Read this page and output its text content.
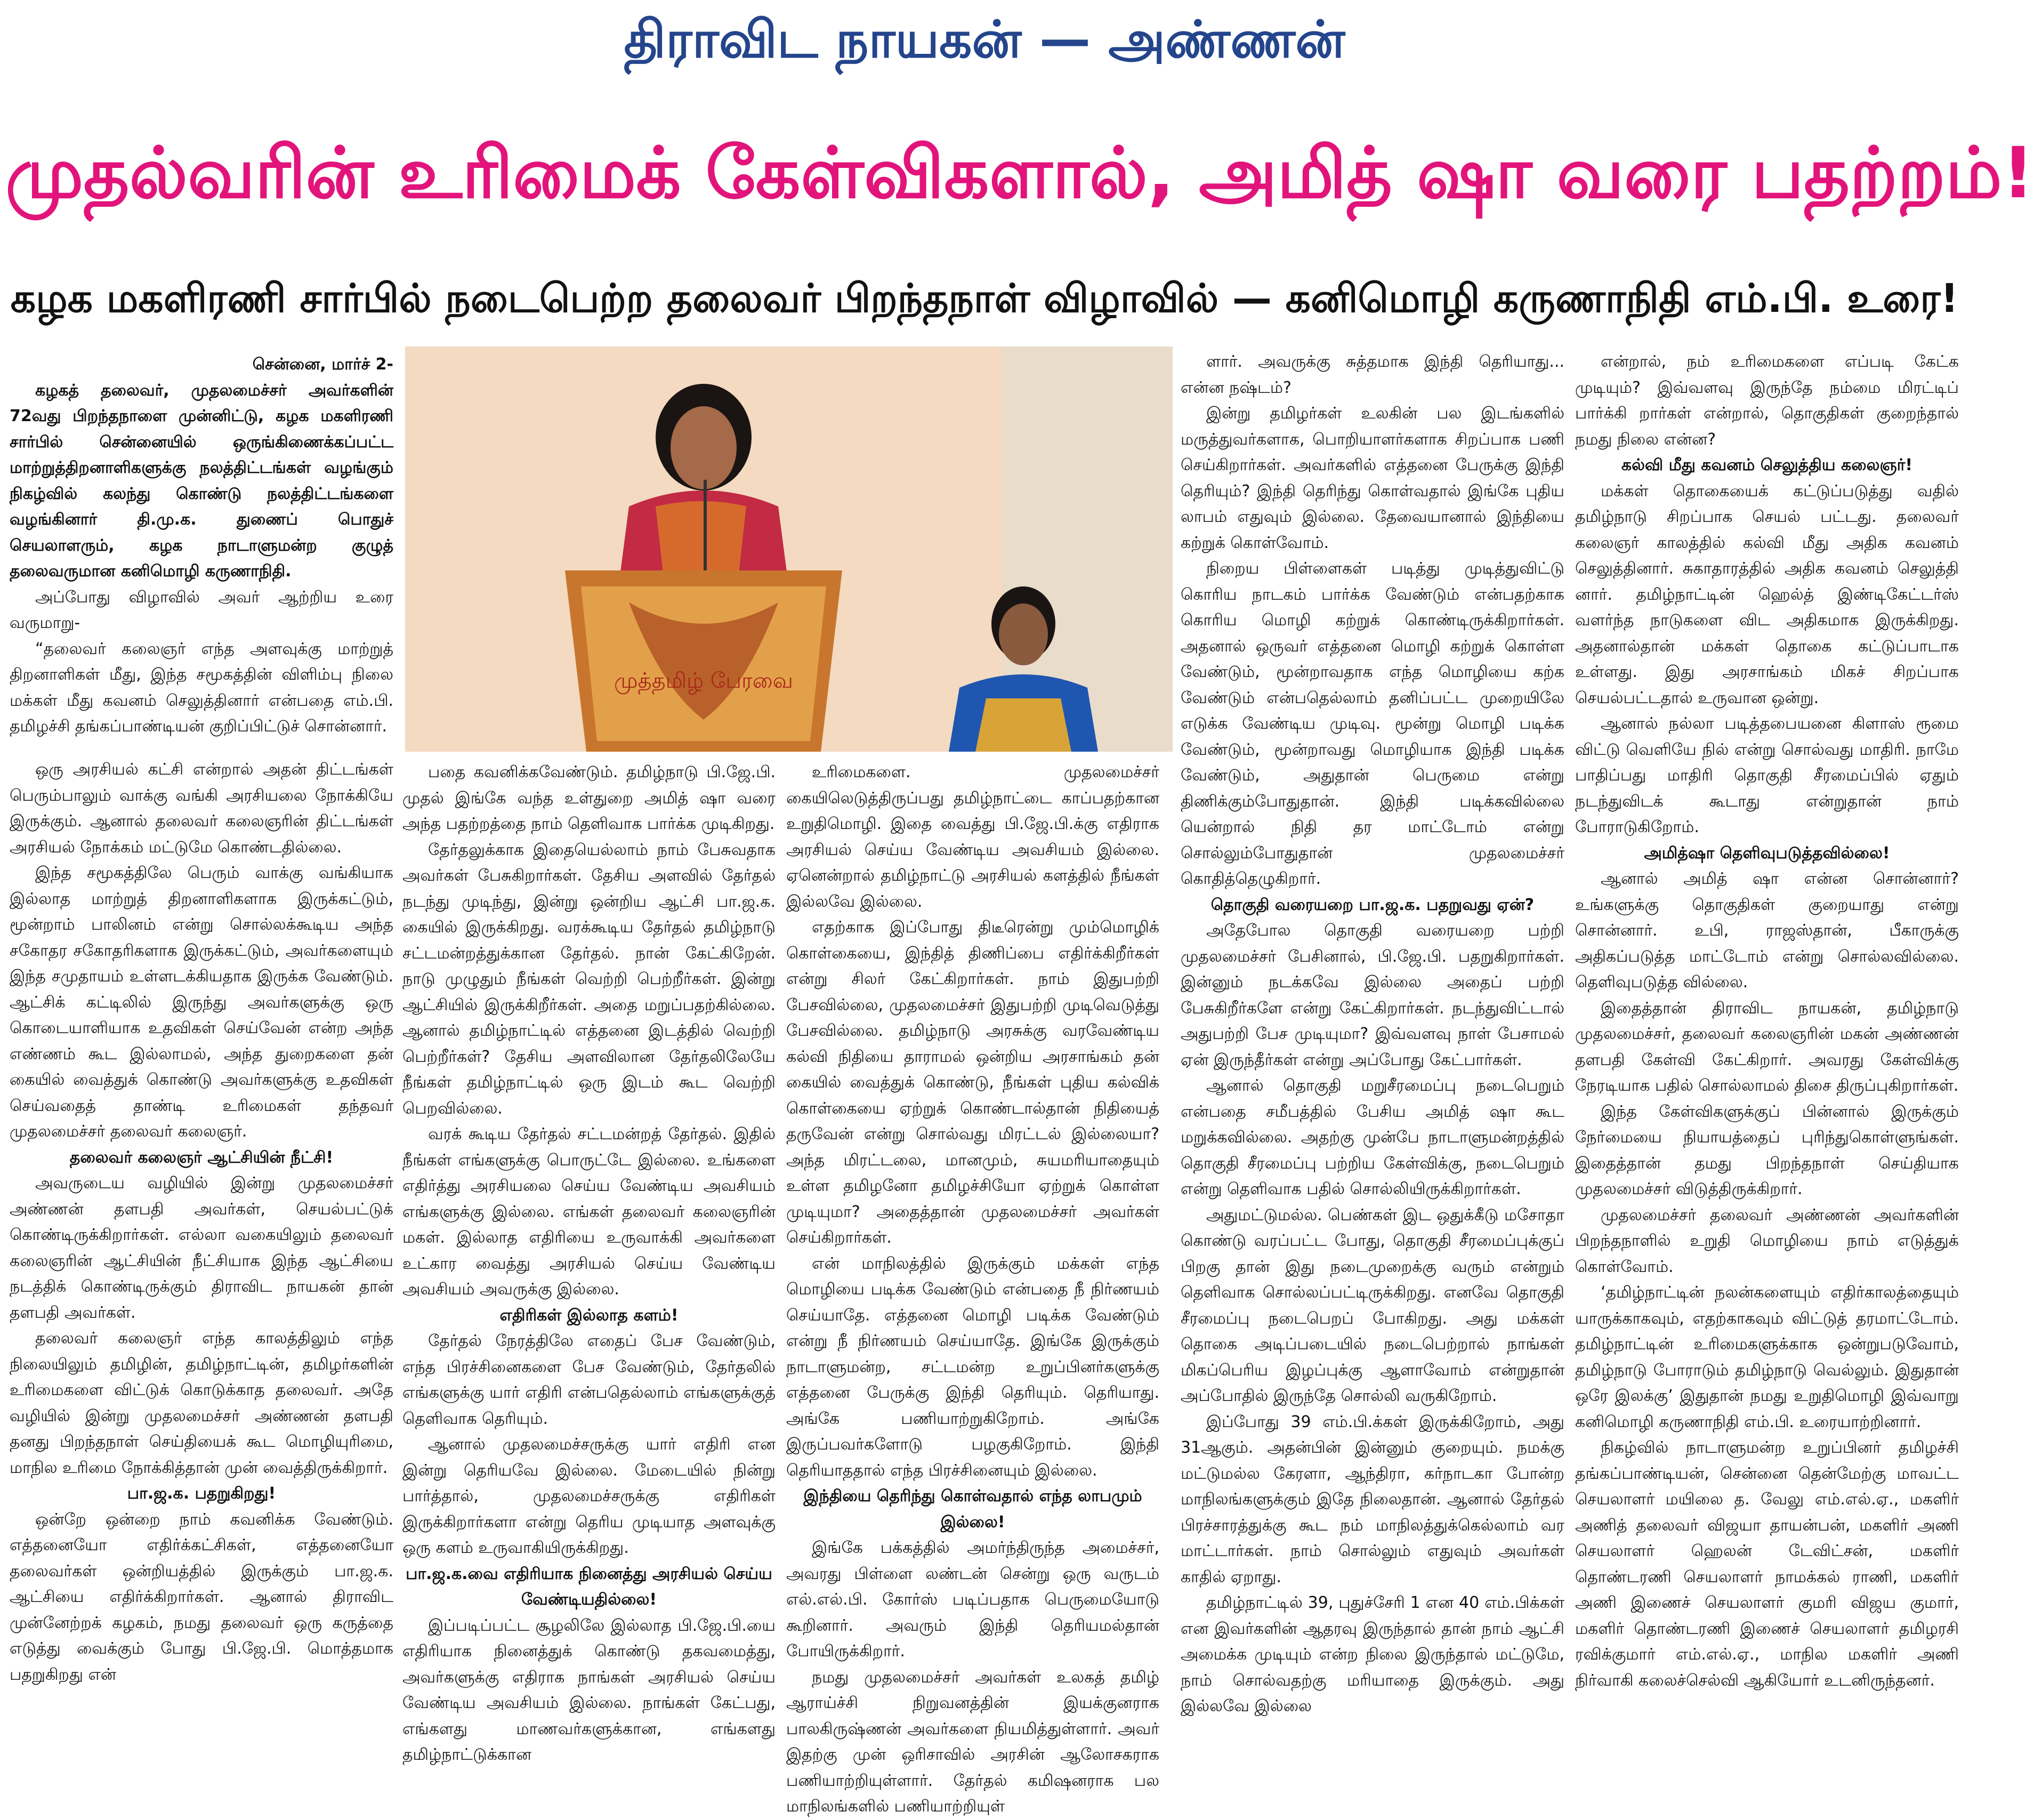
திராவிட நாயகன் — அண்ணன்
முதல்வரின் உரிமைக் கேள்விகளால், அமித் ஷா வரை பதற்றம்!
கழக மகளிரணி சார்பில் நடைபெற்ற தலைவர் பிறந்தநாள் விழாவில் — கனிமொழி கருணாநிதி எம்.பி. உரை!

சென்னை, மார்ச் 2-

கழகத் தலைவர், முதலமைச்சர் அவர்களின் 72வது பிறந்தநாளை முன்னிட்டு, கழக மகளிரணி சார்பில் சென்னையில் ஒருங்கிணைக்கப்பட்ட மாற்றுத்திறனாளிகளுக்கு நலத்திட்டங்கள் வழங்கும் நிகழ்வில் கலந்து கொண்டு நலத்திட்டங்களை வழங்கினார் தி.மு.க. துணைப் பொதுச் செயலாளரும், கழக நாடாளுமன்ற குழுத் தலைவருமான கனிமொழி கருணாநிதி.

அப்போது விழாவில் அவர் ஆற்றிய உரை வருமாறு-

“தலைவர் கலைஞர் எந்த அளவுக்கு மாற்றுத் திறனாளிகள் மீது, இந்த சமூகத்தின் விளிம்பு நிலை மக்கள் மீது கவனம் செலுத்தினார் என்பதை எம்.பி. தமிழச்சி தங்கப்பாண்டியன் குறிப்பிட்டுச் சொன்னார்.

முத்தமிழ் பேரவை

ஒரு அரசியல் கட்சி என்றால் அதன் திட்டங்கள் பெரும்பாலும் வாக்கு வங்கி அரசியலை நோக்கியே இருக்கும். ஆனால் தலைவர் கலைஞரின் திட்டங்கள் அரசியல் நோக்கம் மட்டுமே கொண்டதில்லை.

இந்த சமூகத்திலே பெரும் வாக்கு வங்கியாக இல்லாத மாற்றுத் திறனாளிகளாக இருக்கட்டும், மூன்றாம் பாலினம் என்று சொல்லக்கூடிய அந்த சகோதர சகோதரிகளாக இருக்கட்டும், அவர்களையும் இந்த சமுதாயம் உள்ளடக்கியதாக இருக்க வேண்டும். ஆட்சிக் கட்டிலில் இருந்து அவர்களுக்கு ஒரு கொடையாளியாக உதவிகள் செய்வேன் என்ற அந்த எண்ணம் கூட இல்லாமல், அந்த துறைகளை தன் கையில் வைத்துக் கொண்டு அவர்களுக்கு உதவிகள் செய்வதைத் தாண்டி உரிமைகள் தந்தவர் முதலமைச்சர் தலைவர் கலைஞர்.

தலைவர் கலைஞர் ஆட்சியின் நீட்சி!

அவருடைய வழியில் இன்று முதலமைச்சர் அண்ணன் தளபதி அவர்கள், செயல்பட்டுக் கொண்டிருக்கிறார்கள். எல்லா வகையிலும் தலைவர் கலைஞரின் ஆட்சியின் நீட்சியாக இந்த ஆட்சியை நடத்திக் கொண்டிருக்கும் திராவிட நாயகன் தான் தளபதி அவர்கள்.

தலைவர் கலைஞர் எந்த காலத்திலும் எந்த நிலையிலும் தமிழின், தமிழ்நாட்டின், தமிழர்களின் உரிமைகளை விட்டுக் கொடுக்காத தலைவர். அதே வழியில் இன்று முதலமைச்சர் அண்ணன் தளபதி தனது பிறந்தநாள் செய்தியைக் கூட மொழியுரிமை, மாநில உரிமை நோக்கித்தான் முன் வைத்திருக்கிறார்.

பா.ஜ.க. பதறுகிறது!

ஒன்றே ஒன்றை நாம் கவனிக்க வேண்டும். எத்தனையோ எதிர்க்கட்சிகள், எத்தனையோ தலைவர்கள் ஒன்றியத்தில் இருக்கும் பா.ஜ.க. ஆட்சியை எதிர்க்கிறார்கள். ஆனால் திராவிட முன்னேற்றக் கழகம், நமது தலைவர் ஒரு கருத்தை எடுத்து வைக்கும் போது பி.ஜே.பி. மொத்தமாக பதறுகிறது என்

பதை கவனிக்கவேண்டும். தமிழ்நாடு பி.ஜே.பி. முதல் இங்கே வந்த உள்துறை அமித் ஷா வரை அந்த பதற்றத்தை நாம் தெளிவாக பார்க்க முடிகிறது.

தேர்தலுக்காக இதையெல்லாம் நாம் பேசுவதாக அவர்கள் பேசுகிறார்கள். தேசிய அளவில் தேர்தல் நடந்து முடிந்து, இன்று ஒன்றிய ஆட்சி பா.ஜ.க. கையில் இருக்கிறது. வரக்கூடிய தேர்தல் தமிழ்நாடு சட்டமன்றத்துக்கான தேர்தல். நான் கேட்கிறேன். நாடு முழுதும் நீங்கள் வெற்றி பெற்றீர்கள். இன்று ஆட்சியில் இருக்கிறீர்கள். அதை மறுப்பதற்கில்லை. ஆனால் தமிழ்நாட்டில் எத்தனை இடத்தில் வெற்றி பெற்றீர்கள்? தேசிய அளவிலான தேர்தலிலேயே நீங்கள் தமிழ்நாட்டில் ஒரு இடம் கூட வெற்றி பெறவில்லை.

வரக் கூடிய தேர்தல் சட்டமன்றத் தேர்தல். இதில் நீங்கள் எங்களுக்கு பொருட்டே இல்லை. உங்களை எதிர்த்து அரசியலை செய்ய வேண்டிய அவசியம் எங்களுக்கு இல்லை. எங்கள் தலைவர் கலைஞரின் மகள். இல்லாத எதிரியை உருவாக்கி அவர்களை உட்கார வைத்து அரசியல் செய்ய வேண்டிய அவசியம் அவருக்கு இல்லை.

எதிரிகள் இல்லாத களம்!

தேர்தல் நேரத்திலே எதைப் பேச வேண்டும், எந்த பிரச்சினைகளை பேச வேண்டும், தேர்தலில் எங்களுக்கு யார் எதிரி என்பதெல்லாம் எங்களுக்குத் தெளிவாக தெரியும்.

ஆனால் முதலமைச்சருக்கு யார் எதிரி என இன்று தெரியவே இல்லை. மேடையில் நின்று பார்த்தால், முதலமைச்சருக்கு எதிரிகள் இருக்கிறார்களா என்று தெரிய முடியாத அளவுக்கு ஒரு களம் உருவாகியிருக்கிறது.

பா.ஜ.க.வை எதிரியாக நினைத்து அரசியல் செய்ய வேண்டியதில்லை!

இப்படிப்பட்ட சூழலிலே இல்லாத பி.ஜே.பி.யை எதிரியாக நினைத்துக் கொண்டு தகவமைத்து, அவர்களுக்கு எதிராக நாங்கள் அரசியல் செய்ய வேண்டிய அவசியம் இல்லை. நாங்கள் கேட்பது, எங்களது மாணவர்களுக்கான, எங்களது தமிழ்நாட்டுக்கான

உரிமைகளை. முதலமைச்சர் கையிலெடுத்திருப்பது தமிழ்நாட்டை காப்பதற்கான உறுதிமொழி. இதை வைத்து பி.ஜே.பி.க்கு எதிராக அரசியல் செய்ய வேண்டிய அவசியம் இல்லை. ஏனென்றால் தமிழ்நாட்டு அரசியல் களத்தில் நீங்கள் இல்லவே இல்லை.

எதற்காக இப்போது திடீரென்று மும்மொழிக் கொள்கையை, இந்தித் திணிப்பை எதிர்க்கிறீர்கள் என்று சிலர் கேட்கிறார்கள். நாம் இதுபற்றி பேசவில்லை, முதலமைச்சர் இதுபற்றி முடிவெடுத்து பேசவில்லை. தமிழ்நாடு அரசுக்கு வரவேண்டிய கல்வி நிதியை தாராமல் ஒன்றிய அரசாங்கம் தன் கையில் வைத்துக் கொண்டு, நீங்கள் புதிய கல்விக் கொள்கையை ஏற்றுக் கொண்டால்தான் நிதியைத் தருவேன் என்று சொல்வது மிரட்டல் இல்லையா? அந்த மிரட்டலை, மானமும், சுயமரியாதையும் உள்ள தமிழனோ தமிழச்சியோ ஏற்றுக் கொள்ள முடியுமா? அதைத்தான் முதலமைச்சர் அவர்கள் செய்கிறார்கள்.

என் மாநிலத்தில் இருக்கும் மக்கள் எந்த மொழியை படிக்க வேண்டும் என்பதை நீ நிர்ணயம் செய்யாதே. எத்தனை மொழி படிக்க வேண்டும் என்று நீ நிர்ணயம் செய்யாதே. இங்கே இருக்கும் நாடாளுமன்ற, சட்டமன்ற உறுப்பினர்களுக்கு எத்தனை பேருக்கு இந்தி தெரியும். தெரியாது. அங்கே பணியாற்றுகிறோம். அங்கே இருப்பவர்களோடு பழகுகிறோம். இந்தி தெரியாததால் எந்த பிரச்சினையும் இல்லை.

இந்தியை தெரிந்து கொள்வதால் எந்த லாபமும் இல்லை!

இங்கே பக்கத்தில் அமர்ந்திருந்த அமைச்சர், அவரது பிள்ளை லண்டன் சென்று ஒரு வருடம் எல்.எல்.பி. கோர்ஸ் படிப்பதாக பெருமையோடு கூறினார். அவரும் இந்தி தெரியமல்தான் போயிருக்கிறார்.

நமது முதலமைச்சர் அவர்கள் உலகத் தமிழ் ஆராய்ச்சி நிறுவனத்தின் இயக்குனராக பாலகிருஷ்ணன் அவர்களை நியமித்துள்ளார். அவர் இதற்கு முன் ஒரிசாவில் அரசின் ஆலோசகராக பணியாற்றியுள்ளார். தேர்தல் கமிஷனராக பல மாநிலங்களில் பணியாற்றியுள்

ளார். அவருக்கு சுத்தமாக இந்தி தெரியாது... என்ன நஷ்டம்?

இன்று தமிழர்கள் உலகின் பல இடங்களில் மருத்துவர்களாக, பொறியாளர்களாக சிறப்பாக பணி செய்கிறார்கள். அவர்களில் எத்தனை பேருக்கு இந்தி தெரியும்? இந்தி தெரிந்து கொள்வதால் இங்கே புதிய லாபம் எதுவும் இல்லை. தேவையானால் இந்தியை கற்றுக் கொள்வோம்.

நிறைய பிள்ளைகள் படித்து முடித்துவிட்டு கொரிய நாடகம் பார்க்க வேண்டும் என்பதற்காக கொரிய மொழி கற்றுக் கொண்டிருக்கிறார்கள். அதனால் ஒருவர் எத்தனை மொழி கற்றுக் கொள்ள வேண்டும், மூன்றாவதாக எந்த மொழியை கற்க வேண்டும் என்பதெல்லாம் தனிப்பட்ட முறையிலே எடுக்க வேண்டிய முடிவு. மூன்று மொழி படிக்க வேண்டும், மூன்றாவது மொழியாக இந்தி படிக்க வேண்டும், அதுதான் பெருமை என்று திணிக்கும்போதுதான். இந்தி படிக்கவில்லை யென்றால் நிதி தர மாட்டோம் என்று சொல்லும்போதுதான் முதலமைச்சர் கொதித்தெழுகிறார்.

தொகுதி வரையறை பா.ஜ.க. பதறுவது ஏன்?

அதேபோல தொகுதி வரையறை பற்றி முதலமைச்சர் பேசினால், பி.ஜே.பி. பதறுகிறார்கள். இன்னும் நடக்கவே இல்லை அதைப் பற்றி பேசுகிறீர்களே என்று கேட்கிறார்கள். நடந்துவிட்டால் அதுபற்றி பேச முடியுமா? இவ்வளவு நாள் பேசாமல் ஏன் இருந்தீர்கள் என்று அப்போது கேட்பார்கள்.

ஆனால் தொகுதி மறுசீரமைப்பு நடைபெறும் என்பதை சமீபத்தில் பேசிய அமித் ஷா கூட மறுக்கவில்லை. அதற்கு முன்பே நாடாளுமன்றத்தில் தொகுதி சீரமைப்பு பற்றிய கேள்விக்கு, நடைபெறும் என்று தெளிவாக பதில் சொல்லியிருக்கிறார்கள்.

அதுமட்டுமல்ல. பெண்கள் இட ஒதுக்கீடு மசோதா கொண்டு வரப்பட்ட போது, தொகுதி சீரமைப்புக்குப் பிறகு தான் இது நடைமுறைக்கு வரும் என்றும் தெளிவாக சொல்லப்பட்டிருக்கிறது. எனவே தொகுதி சீரமைப்பு நடைபெறப் போகிறது. அது மக்கள் தொகை அடிப்படையில் நடைபெற்றால் நாங்கள் மிகப்பெரிய இழப்புக்கு ஆளாவோம் என்றுதான் அப்போதில் இருந்தே சொல்லி வருகிறோம்.

இப்போது 39 எம்.பி.க்கள் இருக்கிறோம், அது 31ஆகும். அதன்பின் இன்னும் குறையும். நமக்கு மட்டுமல்ல கேரளா, ஆந்திரா, கர்நாடகா போன்ற மாநிலங்களுக்கும் இதே நிலைதான். ஆனால் தேர்தல் பிரச்சாரத்துக்கு கூட நம் மாநிலத்துக்கெல்லாம் வர மாட்டார்கள். நாம் சொல்லும் எதுவும் அவர்கள் காதில் ஏறாது.

தமிழ்நாட்டில் 39, புதுச்சேரி 1 என 40 எம்.பிக்கள் என இவர்களின் ஆதரவு இருந்தால் தான் நாம் ஆட்சி அமைக்க முடியும் என்ற நிலை இருந்தால் மட்டுமே, நாம் சொல்வதற்கு மரியாதை இருக்கும். அது இல்லவே இல்லை

என்றால், நம் உரிமைகளை எப்படி கேட்க முடியும்? இவ்வளவு இருந்தே நம்மை மிரட்டிப் பார்க்கி றார்கள் என்றால், தொகுதிகள் குறைந்தால் நமது நிலை என்ன?

கல்வி மீது கவனம் செலுத்திய கலைஞர்!

மக்கள் தொகையைக் கட்டுப்படுத்து வதில் தமிழ்நாடு சிறப்பாக செயல் பட்டது. தலைவர் கலைஞர் காலத்தில் கல்வி மீது அதிக கவனம் செலுத்தினார். சுகாதாரத்தில் அதிக கவனம் செலுத்தி னார். தமிழ்நாட்டின் ஹெல்த் இண்டிகேட்டர்ஸ் வளர்ந்த நாடுகளை விட அதிகமாக இருக்கிறது. அதனால்தான் மக்கள் தொகை கட்டுப்பாடாக உள்ளது. இது அரசாங்கம் மிகச் சிறப்பாக செயல்பட்டதால் உருவான ஒன்று.

ஆனால் நல்லா படித்தபையனை கிளாஸ் ரூமை விட்டு வெளியே நில் என்று சொல்வது மாதிரி. நாமே பாதிப்பது மாதிரி தொகுதி சீரமைப்பில் ஏதும் நடந்துவிடக் கூடாது என்றுதான் நாம் போராடுகிறோம்.

அமித்ஷா தெளிவுபடுத்தவில்லை!

ஆனால் அமித் ஷா என்ன சொன்னார்? உங்களுக்கு தொகுதிகள் குறையாது என்று சொன்னார். உபி, ராஜஸ்தான், பீகாருக்கு அதிகப்படுத்த மாட்டோம் என்று சொல்லவில்லை. தெளிவுபடுத்த வில்லை.

இதைத்தான் திராவிட நாயகன், தமிழ்நாடு முதலமைச்சர், தலைவர் கலைஞரின் மகன் அண்ணன் தளபதி கேள்வி கேட்கிறார். அவரது கேள்விக்கு நேரடியாக பதில் சொல்லாமல் திசை திருப்புகிறார்கள்.

இந்த கேள்விகளுக்குப் பின்னால் இருக்கும் நேர்மையை நியாயத்தைப் புரிந்துகொள்ளுங்கள். இதைத்தான் தமது பிறந்தநாள் செய்தியாக முதலமைச்சர் விடுத்திருக்கிறார்.

முதலமைச்சர் தலைவர் அண்ணன் அவர்களின் பிறந்தநாளில் உறுதி மொழியை நாம் எடுத்துக் கொள்வோம்.

‘தமிழ்நாட்டின் நலன்களையும் எதிர்காலத்தையும் யாருக்காகவும், எதற்காகவும் விட்டுத் தரமாட்டோம். தமிழ்நாட்டின் உரிமைகளுக்காக ஒன்றுபடுவோம், தமிழ்நாடு போராடும் தமிழ்நாடு வெல்லும். இதுதான் ஒரே இலக்கு’ இதுதான் நமது உறுதிமொழி இவ்வாறு கனிமொழி கருணாநிதி எம்.பி. உரையாற்றினார்.

நிகழ்வில் நாடாளுமன்ற உறுப்பினர் தமிழச்சி தங்கப்பாண்டியன், சென்னை தென்மேற்கு மாவட்ட செயலாளர் மயிலை த. வேலு எம்.எல்.ஏ., மகளிர் அணித் தலைவர் விஜயா தாயன்பன், மகளிர் அணி செயலாளர் ஹெலன் டேவிட்சன், மகளிர் தொண்டரணி செயலாளர் நாமக்கல் ராணி, மகளிர் அணி இணைச் செயலாளர் குமரி விஜய குமார், மகளிர் தொண்டரணி இணைச் செயலாளர் தமிழரசி ரவிக்குமார் எம்.எல்.ஏ., மாநில மகளிர் அணி நிர்வாகி கலைச்செல்வி ஆகியோர் உடனிருந்தனர்.
